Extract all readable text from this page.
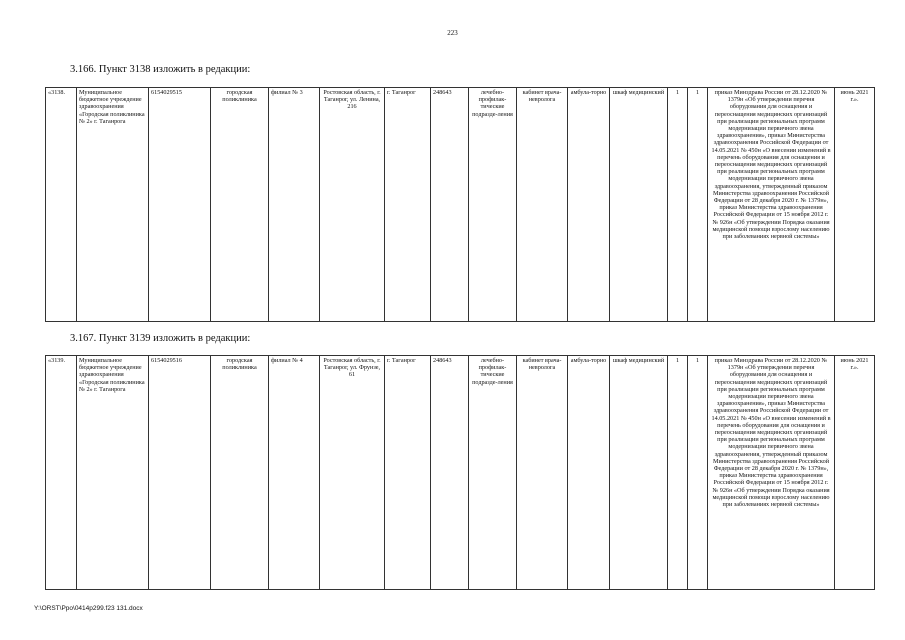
223
3.166. Пункт 3138 изложить в редакции:
«3138.	Муниципальное бюджетное учреждение здравоохранения «Городская поликлиника № 2» г. Таганрога	6154029515	городская поликлиника	филиал № 3	Ростовская область, г. Таганрог, ул. Ленина, 216	г. Таганрог	248643	лечебно-профилак-тические подразде-ления	кабинет врача-невролога	амбула-торно	шкаф медицинский	1	1	приказ Минздрава России от 28.12.2020 № 1379н «Об утверждении перечня оборудования для оснащения и переоснащения медицинских организаций при реализации региональных программ модернизации первичного звена здравоохранения», приказ Министерства здравоохранения Российской Федерации от 14.05.2021 № 450н «О внесении изменений в перечень оборудования для оснащения и переоснащения медицинских организаций при реализации региональных программ модернизации первичного звена здравоохранения, утвержденный приказом Министерства здравоохранения Российской Федерации от 28 декабря 2020 г. № 1379н», приказ Министерства здравоохранения Российской Федерации от 15 ноября 2012 г. № 926н «Об утверждении Порядка оказания медицинской помощи взрослому населению при заболеваниях нервной системы»	июнь 2021 г.».
3.167. Пункт 3139 изложить в редакции:
«3139.	Муниципальное бюджетное учреждение здравоохранения «Городская поликлиника № 2» г. Таганрога	6154029516	городская поликлиника	филиал № 4	Ростовская область, г. Таганрог, ул. Фрунзе, 61	г. Таганрог	248643	лечебно-профилак-тические подразде-ления	кабинет врача-невролога	амбула-торно	шкаф медицинский	1	1	приказ Минздрава России от 28.12.2020 № 1379н «Об утверждении перечня оборудования для оснащения и переоснащения медицинских организаций при реализации региональных программ модернизации первичного звена здравоохранения», приказ Министерства здравоохранения Российской Федерации от 14.05.2021 № 450н «О внесении изменений в перечень оборудования для оснащения и переоснащения медицинских организаций при реализации региональных программ модернизации первичного звена здравоохранения, утвержденный приказом Министерства здравоохранения Российской Федерации от 28 декабря 2020 г. № 1379н», приказ Министерства здравоохранения Российской Федерации от 15 ноября 2012 г. № 926н «Об утверждении Порядка оказания медицинской помощи взрослому населению при заболеваниях нервной системы»	июнь 2021 г.».
Y:\ORST\Ppo\0414p299.f23 131.docx
